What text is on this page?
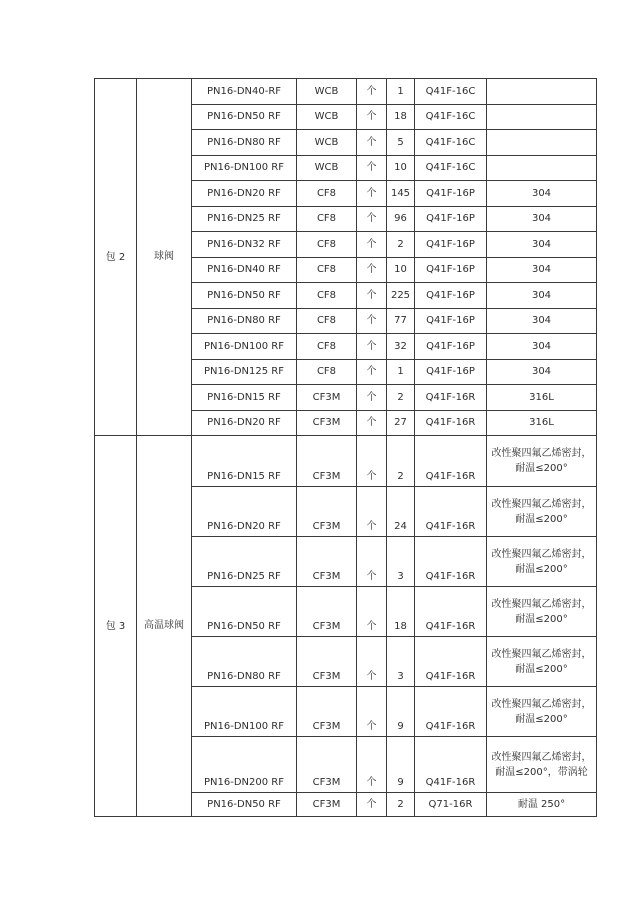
包 2	球阀	PN16-DN40-RF	WCB	个	1	Q41F-16C	
		PN16-DN50 RF	WCB	个	18	Q41F-16C	
		PN16-DN80 RF	WCB	个	5	Q41F-16C	
		PN16-DN100 RF	WCB	个	10	Q41F-16C	
		PN16-DN20 RF	CF8	个	145	Q41F-16P	304
		PN16-DN25 RF	CF8	个	96	Q41F-16P	304
		PN16-DN32 RF	CF8	个	2	Q41F-16P	304
		PN16-DN40 RF	CF8	个	10	Q41F-16P	304
		PN16-DN50 RF	CF8	个	225	Q41F-16P	304
		PN16-DN80 RF	CF8	个	77	Q41F-16P	304
		PN16-DN100 RF	CF8	个	32	Q41F-16P	304
		PN16-DN125 RF	CF8	个	1	Q41F-16P	304
		PN16-DN15 RF	CF3M	个	2	Q41F-16R	316L
		PN16-DN20 RF	CF3M	个	27	Q41F-16R	316L
包 3	高温球阀	PN16-DN15 RF	CF3M	个	2	Q41F-16R	改性聚四氟乙烯密封，耐温≤200°
		PN16-DN20 RF	CF3M	个	24	Q41F-16R	改性聚四氟乙烯密封，耐温≤200°
		PN16-DN25 RF	CF3M	个	3	Q41F-16R	改性聚四氟乙烯密封，耐温≤200°
		PN16-DN50 RF	CF3M	个	18	Q41F-16R	改性聚四氟乙烯密封，耐温≤200°
		PN16-DN80 RF	CF3M	个	3	Q41F-16R	改性聚四氟乙烯密封，耐温≤200°
		PN16-DN100 RF	CF3M	个	9	Q41F-16R	改性聚四氟乙烯密封，耐温≤200°
		PN16-DN200 RF	CF3M	个	9	Q41F-16R	改性聚四氟乙烯密封，耐温≤200°，带涡轮
		PN16-DN50 RF	CF3M	个	2	Q71-16R	耐温 250°
